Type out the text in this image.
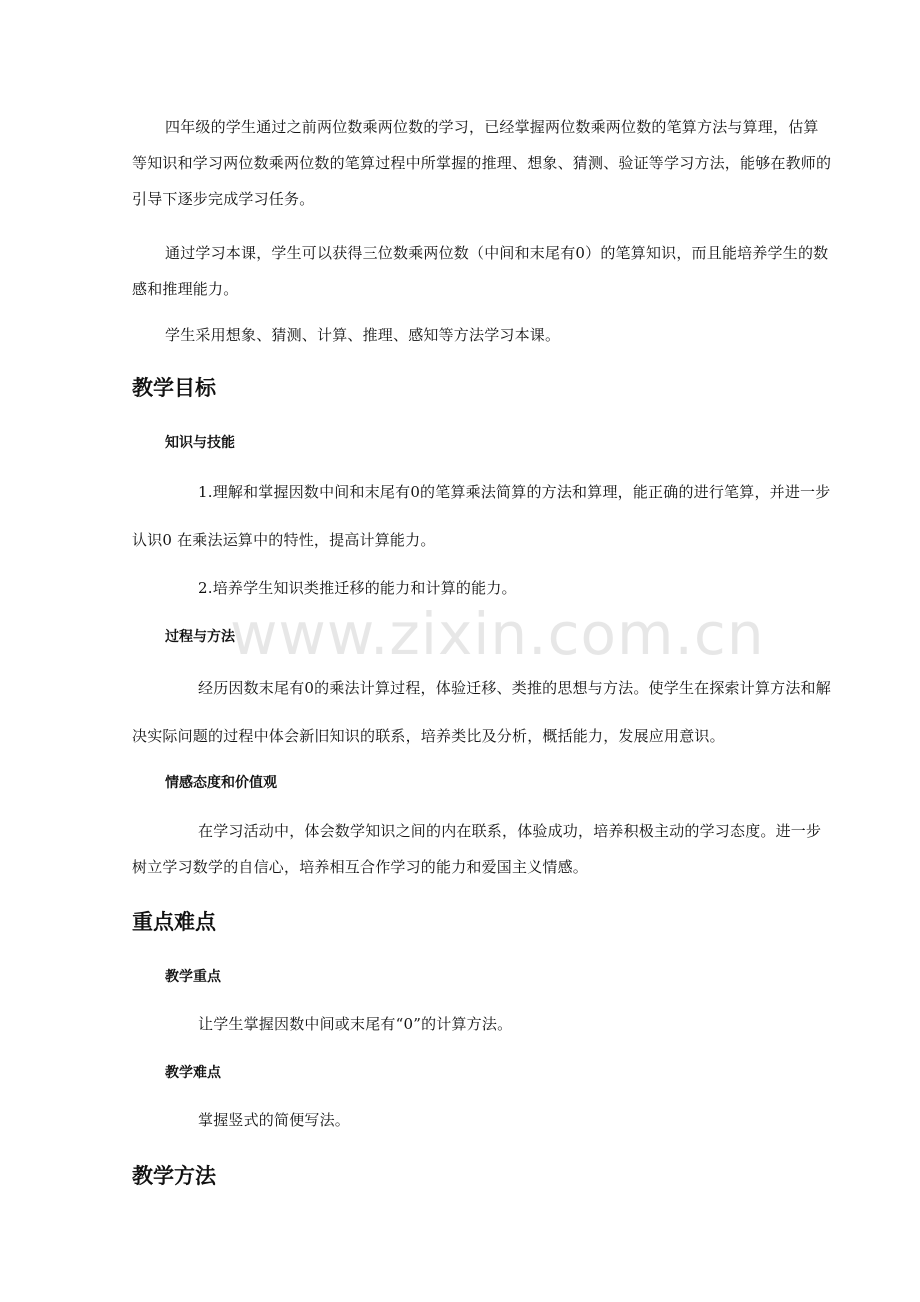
四年级的学生通过之前两位数乘两位数的学习，已经掌握两位数乘两位数的笔算方法与算理，估算等知识和学习两位数乘两位数的笔算过程中所掌握的推理、想象、猜测、验证等学习方法，能够在教师的引导下逐步完成学习任务。

通过学习本课，学生可以获得三位数乘两位数（中间和末尾有0）的笔算知识，而且能培养学生的数感和推理能力。

学生采用想象、猜测、计算、推理、感知等方法学习本课。

教学目标
知识与技能

1.理解和掌握因数中间和末尾有0的笔算乘法简算的方法和算理，能正确的进行笔算，并进一步认识0 在乘法运算中的特性，提高计算能力。

2.培养学生知识类推迁移的能力和计算的能力。

过程与方法

经历因数末尾有0的乘法计算过程，体验迁移、类推的思想与方法。使学生在探索计算方法和解决实际问题的过程中体会新旧知识的联系，培养类比及分析，概括能力，发展应用意识。

情感态度和价值观

在学习活动中，体会数学知识之间的内在联系，体验成功，培养积极主动的学习态度。进一步树立学习数学的自信心，培养相互合作学习的能力和爱国主义情感。

重点难点
教学重点

让学生掌握因数中间或末尾有“0”的计算方法。

教学难点

掌握竖式的简便写法。

教学方法
www.zixin.com.cn
